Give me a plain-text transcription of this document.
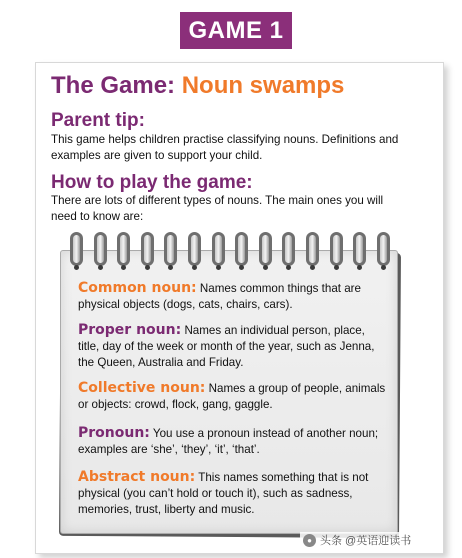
GAME 1
The Game: Noun swamps
Parent tip:

This game helps children practise classifying nouns. Definitions and examples are given to support your child.

How to play the game:

There are lots of different types of nouns. The main ones you will need to know are:

Common noun: Names common things that are physical objects (dogs, cats, chairs, cars).

Proper noun: Names an individual person, place, title, day of the week or month of the year, such as Jenna, the Queen, Australia and Friday.

Collective noun: Names a group of people, animals or objects: crowd, flock, gang, gaggle.

Pronoun: You use a pronoun instead of another noun; examples are ‘she’, ‘they’, ‘it’, ‘that’.

Abstract noun: This names something that is not physical (you can’t hold or touch it), such as sadness, memories, trust, liberty and music.

● 头条 @英语迎读书
